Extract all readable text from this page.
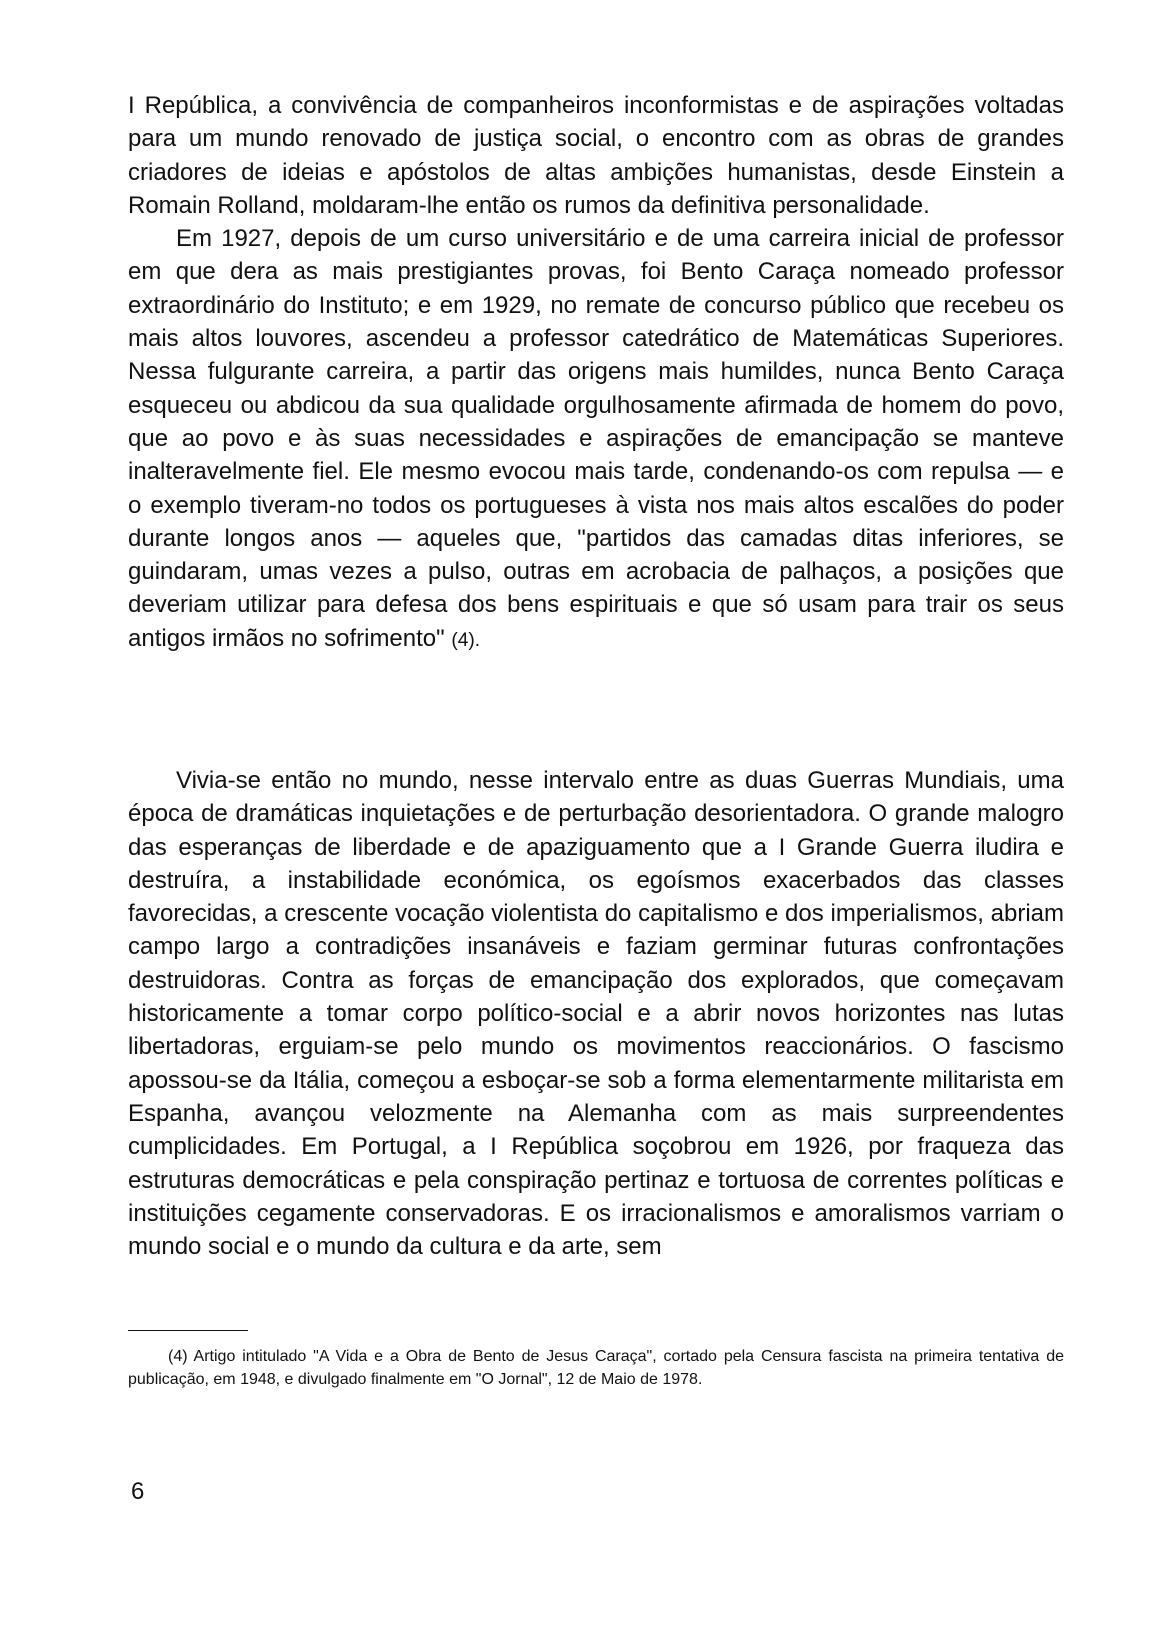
I República, a convivência de companheiros inconformistas e de aspirações voltadas para um mundo renovado de justiça social, o encontro com as obras de grandes criadores de ideias e apóstolos de altas ambições humanistas, desde Einstein a Romain Rolland, moldaram-lhe então os rumos da definitiva personalidade.

Em 1927, depois de um curso universitário e de uma carreira inicial de professor em que dera as mais prestigiantes provas, foi Bento Caraça nomeado professor extraordinário do Instituto; e em 1929, no remate de concurso público que recebeu os mais altos louvores, ascendeu a professor catedrático de Matemáticas Superiores. Nessa fulgurante carreira, a partir das origens mais humildes, nunca Bento Caraça esqueceu ou abdicou da sua qualidade orgulhosamente afirmada de homem do povo, que ao povo e às suas necessidades e aspirações de emancipação se manteve inalteravelmente fiel. Ele mesmo evocou mais tarde, condenando-os com repulsa — e o exemplo tiveram-no todos os portugueses à vista nos mais altos escalões do poder durante longos anos — aqueles que, "partidos das camadas ditas inferiores, se guindaram, umas vezes a pulso, outras em acrobacia de palhaços, a posições que deveriam utilizar para defesa dos bens espirituais e que só usam para trair os seus antigos irmãos no sofrimento" (4).

Vivia-se então no mundo, nesse intervalo entre as duas Guerras Mundiais, uma época de dramáticas inquietações e de perturbação desorientadora. O grande malogro das esperanças de liberdade e de apaziguamento que a I Grande Guerra iludira e destruíra, a instabilidade económica, os egoísmos exacerbados das classes favorecidas, a crescente vocação violentista do capitalismo e dos imperialismos, abriam campo largo a contradições insanáveis e faziam germinar futuras confrontações destruidoras. Contra as forças de emancipação dos explorados, que começavam historicamente a tomar corpo político-social e a abrir novos horizontes nas lutas libertadoras, erguiam-se pelo mundo os movimentos reaccionários. O fascismo apossou-se da Itália, começou a esboçar-se sob a forma elementarmente militarista em Espanha, avançou velozmente na Alemanha com as mais surpreendentes cumplicidades. Em Portugal, a I República soçobrou em 1926, por fraqueza das estruturas democráticas e pela conspiração pertinaz e tortuosa de correntes políticas e instituições cegamente conservadoras. E os irracionalismos e amoralismos varriam o mundo social e o mundo da cultura e da arte, sem

(4) Artigo intitulado "A Vida e a Obra de Bento de Jesus Caraça", cortado pela Censura fascista na primeira tentativa de publicação, em 1948, e divulgado finalmente em "O Jornal", 12 de Maio de 1978.

6
